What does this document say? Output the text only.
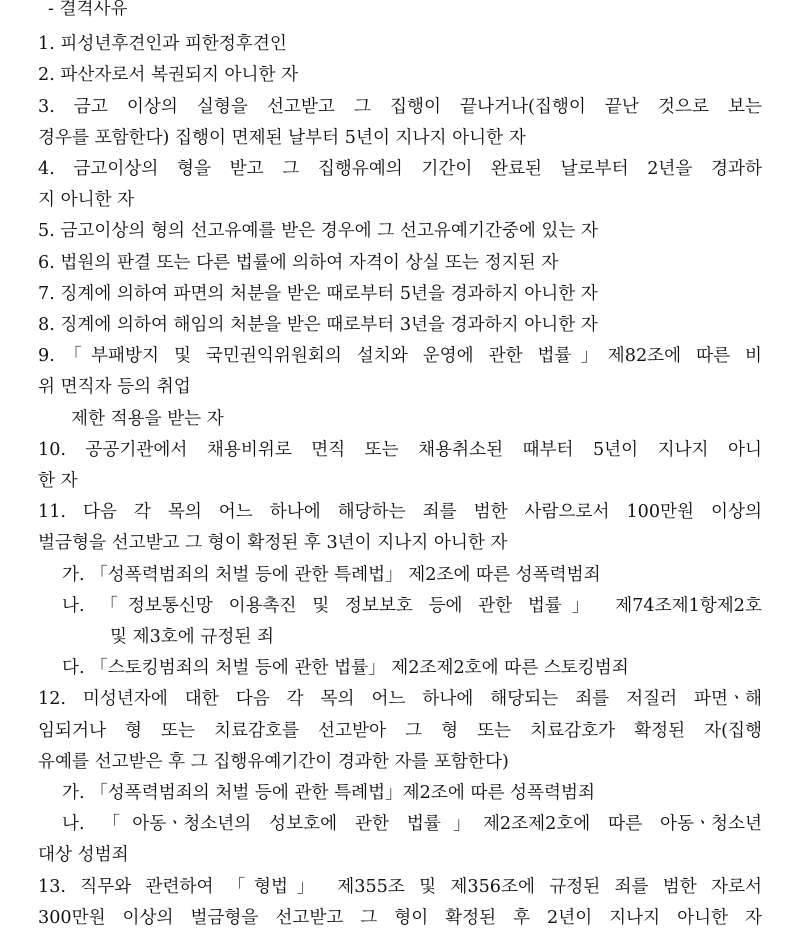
- 결격사유

1. 피성년후견인과 피한정후견인

2. 파산자로서 복권되지 아니한 자

3. 금고 이상의 실형을 선고받고 그 집행이 끝나거나(집행이 끝난 것으로 보는

경우를 포함한다) 집행이 면제된 날부터 5년이 지나지 아니한 자

4. 금고이상의 형을 받고 그 집행유예의 기간이 완료된 날로부터 2년을 경과하

지 아니한 자

5. 금고이상의 형의 선고유예를 받은 경우에 그 선고유예기간중에 있는 자

6. 법원의 판결 또는 다른 법률에 의하여 자격이 상실 또는 정지된 자

7. 징계에 의하여 파면의 처분을 받은 때로부터 5년을 경과하지 아니한 자

8. 징계에 의하여 해임의 처분을 받은 때로부터 3년을 경과하지 아니한 자

9.「부패방지 및 국민권익위원회의 설치와 운영에 관한 법률」제82조에 따른 비

위 면직자 등의 취업

제한 적용을 받는 자

10. 공공기관에서 채용비위로 면직 또는 채용취소된 때부터 5년이 지나지 아니

한 자

11. 다음 각 목의 어느 하나에 해당하는 죄를 범한 사람으로서 100만원 이상의

벌금형을 선고받고 그 형이 확정된 후 3년이 지나지 아니한 자

가. 「성폭력범죄의 처벌 등에 관한 특례법」 제2조에 따른 성폭력범죄

나. 「정보통신망 이용촉진 및 정보보호 등에 관한 법률」 제74조제1항제2호

및 제3호에 규정된 죄

다. 「스토킹범죄의 처벌 등에 관한 법률」 제2조제2호에 따른 스토킹범죄

12. 미성년자에 대한 다음 각 목의 어느 하나에 해당되는 죄를 저질러 파면ㆍ해

임되거나 형 또는 치료감호를 선고받아 그 형 또는 치료감호가 확정된 자(집행

유예를 선고받은 후 그 집행유예기간이 경과한 자를 포함한다)

가. 「성폭력범죄의 처벌 등에 관한 특례법」제2조에 따른 성폭력범죄

나. 「아동ㆍ청소년의 성보호에 관한 법률」제2조제2호에 따른 아동ㆍ청소년

대상 성범죄

13. 직무와 관련하여 「형법」 제355조 및 제356조에 규정된 죄를 범한 자로서

300만원 이상의 벌금형을 선고받고 그 형이 확정된 후 2년이 지나지 아니한 자
